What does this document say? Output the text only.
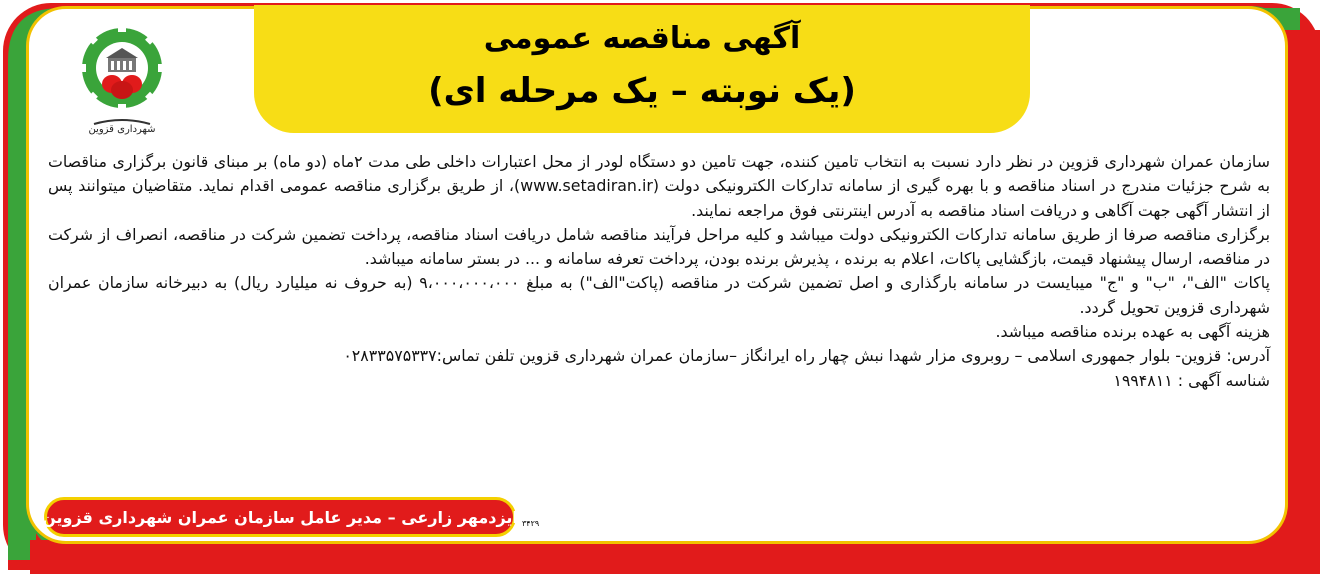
آگهی مناقصه عمومی
(یک نوبته – یک مرحله ای)
شهرداری قزوین

سازمان عمران شهرداری قزوین در نظر دارد نسبت به انتخاب تامین کننده، جهت تامین دو دستگاه لودر از محل اعتبارات داخلی طی مدت ۲ماه (دو ماه) بر مبنای قانون برگزاری مناقصات به شرح جزئیات مندرج در اسناد مناقصه و با بهره گیری از سامانه تدارکات الکترونیکی دولت (www.setadiran.ir)، از طریق برگزاری مناقصه عمومی اقدام نماید. متقاضیان میتوانند پس از انتشار آگهی جهت آگاهی و دریافت اسناد مناقصه به آدرس اینترنتی فوق مراجعه نمایند.

برگزاری مناقصه صرفا از طریق سامانه تدارکات الکترونیکی دولت میباشد و کلیه مراحل فرآیند مناقصه شامل دریافت اسناد مناقصه، پرداخت تضمین شرکت در مناقصه، انصراف از شرکت در مناقصه، ارسال پیشنهاد قیمت، بازگشایی پاکات، اعلام به برنده ، پذیرش برنده بودن، پرداخت تعرفه سامانه و ... در بستر سامانه میباشد.

پاکات "الف"، "ب" و "ج" میبایست در سامانه بارگذاری و اصل تضمین شرکت در مناقصه (پاکت"الف") به مبلغ ۹،۰۰۰،۰۰۰،۰۰۰ (به حروف نه میلیارد ریال) به دبیرخانه سازمان عمران شهرداری قزوین تحویل گردد.

هزینه آگهی به عهده برنده مناقصه میباشد.

آدرس: قزوین- بلوار جمهوری اسلامی – روبروی مزار شهدا نبش چهار راه ایرانگاز –سازمان عمران شهرداری قزوین تلفن تماس:۰۲۸۳۳۵۷۵۳۳۷

شناسه آگهی : ۱۹۹۴۸۱۱

ایزدمهر زارعی – مدیر عامل سازمان عمران شهرداری قزوین ۳۴۲۹
